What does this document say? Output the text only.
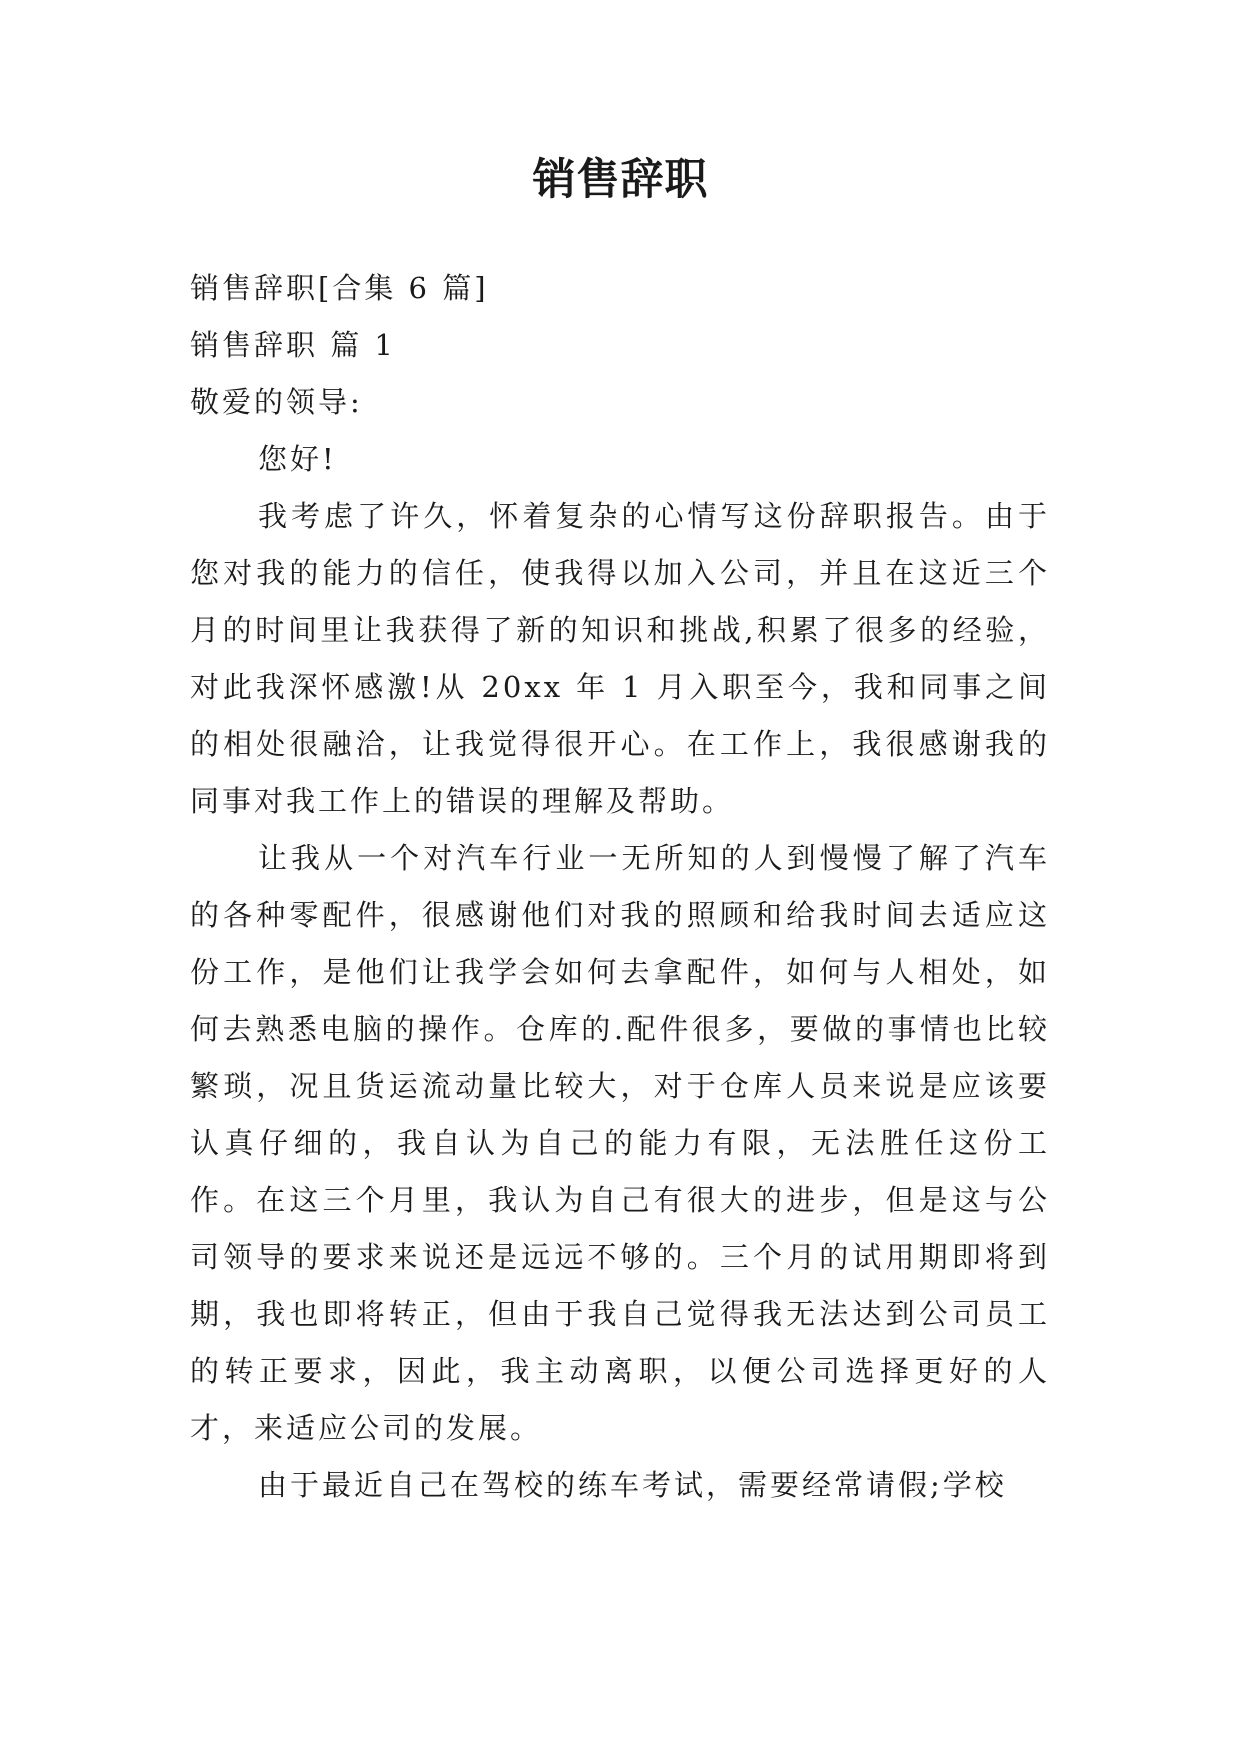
销售辞职

销售辞职[合集 6 篇]

销售辞职 篇 1

敬爱的领导:

您好!

我考虑了许久，怀着复杂的心情写这份辞职报告。由于您对我的能力的信任，使我得以加入公司，并且在这近三个月的时间里让我获得了新的知识和挑战,积累了很多的经验，对此我深怀感激!从 20xx 年 1 月入职至今，我和同事之间的相处很融洽，让我觉得很开心。在工作上，我很感谢我的同事对我工作上的错误的理解及帮助。

让我从一个对汽车行业一无所知的人到慢慢了解了汽车的各种零配件，很感谢他们对我的照顾和给我时间去适应这份工作，是他们让我学会如何去拿配件，如何与人相处，如何去熟悉电脑的操作。仓库的.配件很多，要做的事情也比较繁琐，况且货运流动量比较大，对于仓库人员来说是应该要认真仔细的，我自认为自己的能力有限，无法胜任这份工作。在这三个月里，我认为自己有很大的进步，但是这与公司领导的要求来说还是远远不够的。三个月的试用期即将到期，我也即将转正，但由于我自己觉得我无法达到公司员工的转正要求，因此，我主动离职，以便公司选择更好的人才，来适应公司的发展。

由于最近自己在驾校的练车考试，需要经常请假;学校
